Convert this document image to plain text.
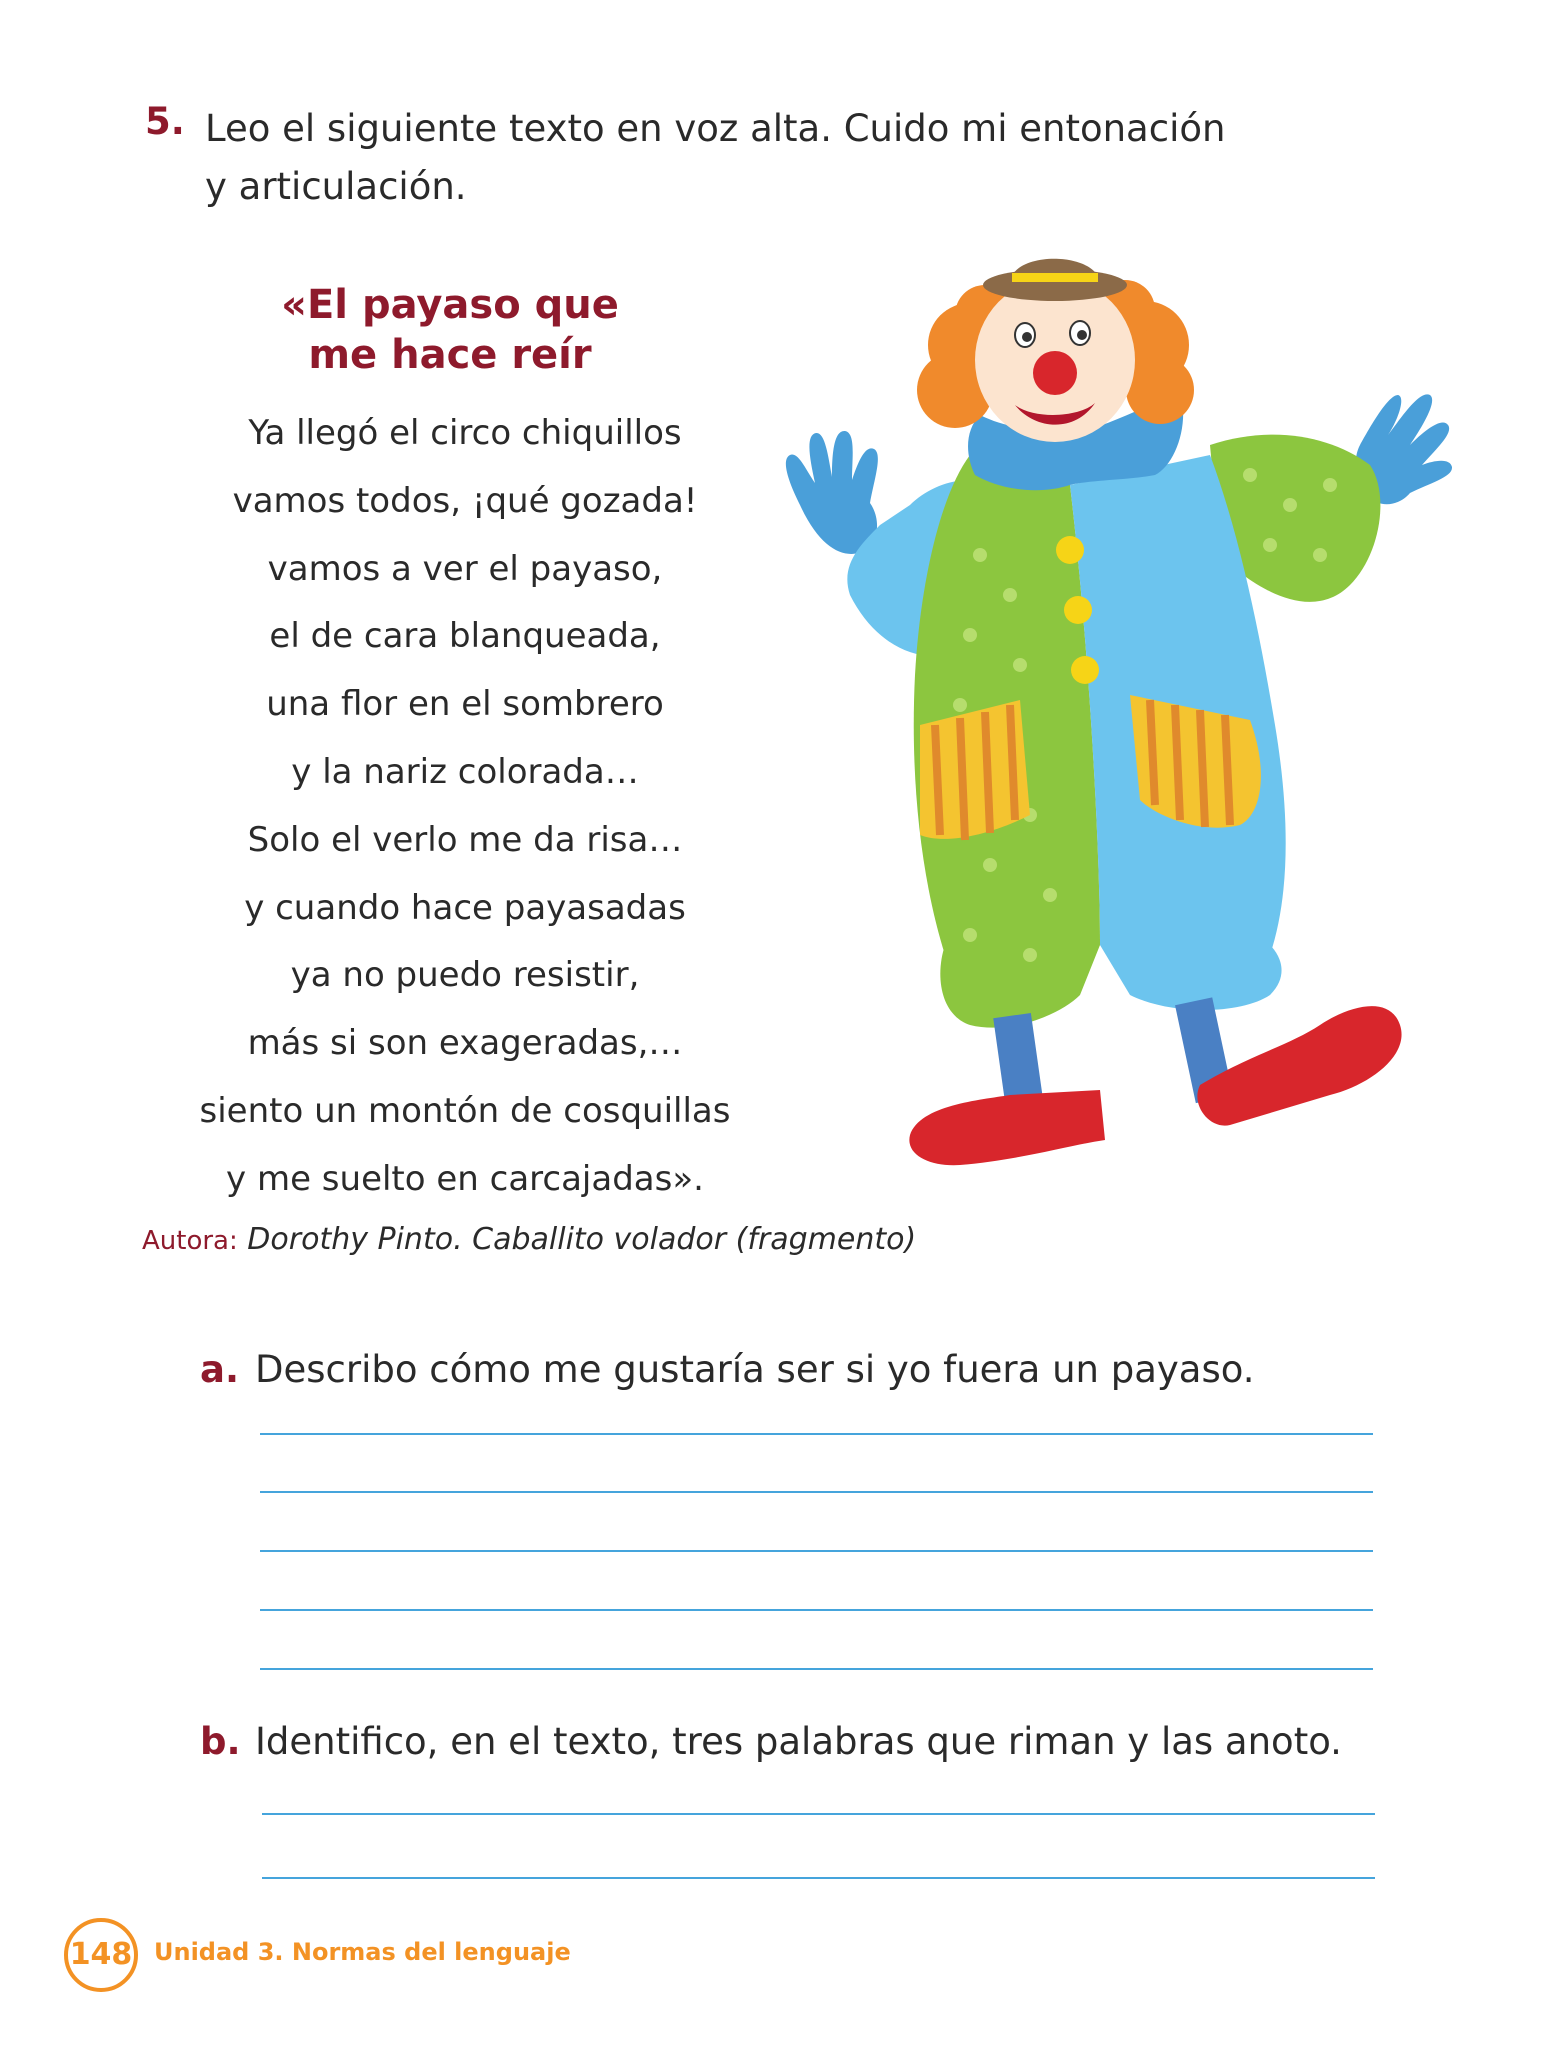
5. Leo el siguiente texto en voz alta. Cuido mi entonación y articulación.
«El payaso que
me hace reír
Ya llegó el circo chiquillos
vamos todos, ¡qué gozada!
vamos a ver el payaso,
el de cara blanqueada,
una flor en el sombrero
y la nariz colorada…
Solo el verlo me da risa…
y cuando hace payasadas
ya no puedo resistir,
más si son exageradas,…
siento un montón de cosquillas
y me suelto en carcajadas».
Autora: Dorothy Pinto. Caballito volador (fragmento)
a. Describo cómo me gustaría ser si yo fuera un payaso.
b. Identifico, en el texto, tres palabras que riman y las anoto.
148 Unidad 3. Normas del lenguaje
